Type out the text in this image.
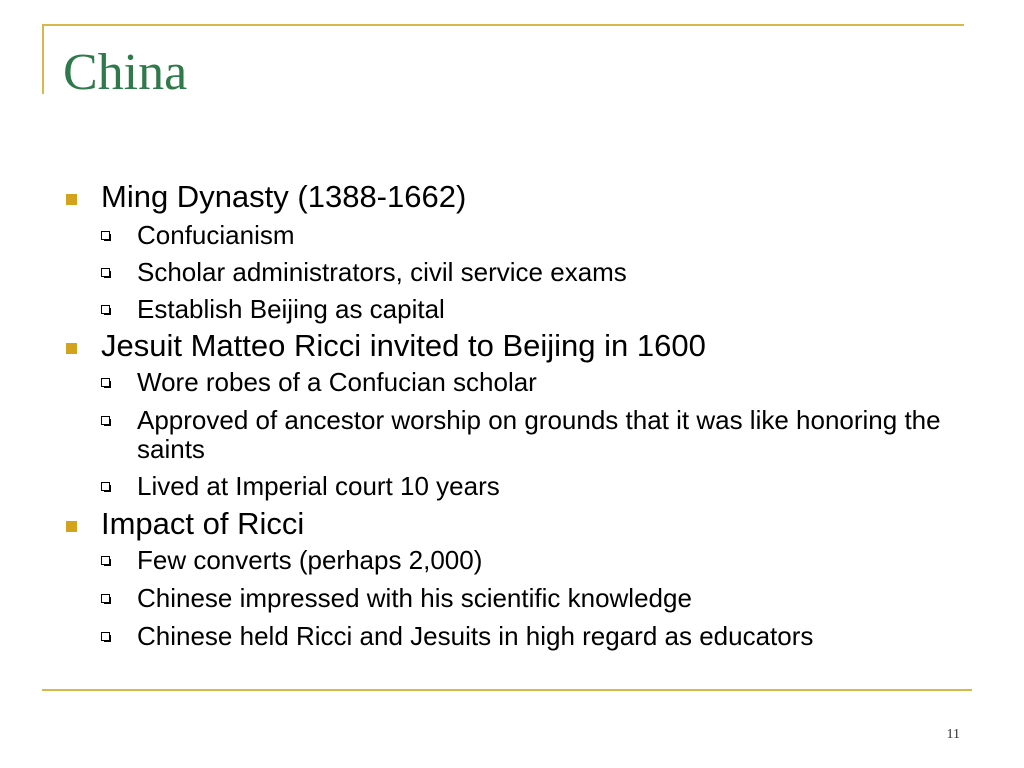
China
Ming Dynasty (1388-1662)
Confucianism
Scholar administrators, civil service exams
Establish Beijing as capital
Jesuit Matteo Ricci invited to Beijing in 1600
Wore robes of a Confucian scholar
Approved of ancestor worship on grounds that it was like honoring the saints
Lived at Imperial court 10 years
Impact of Ricci
Few converts (perhaps 2,000)
Chinese impressed with his scientific knowledge
Chinese held Ricci and Jesuits in high regard as educators
11
